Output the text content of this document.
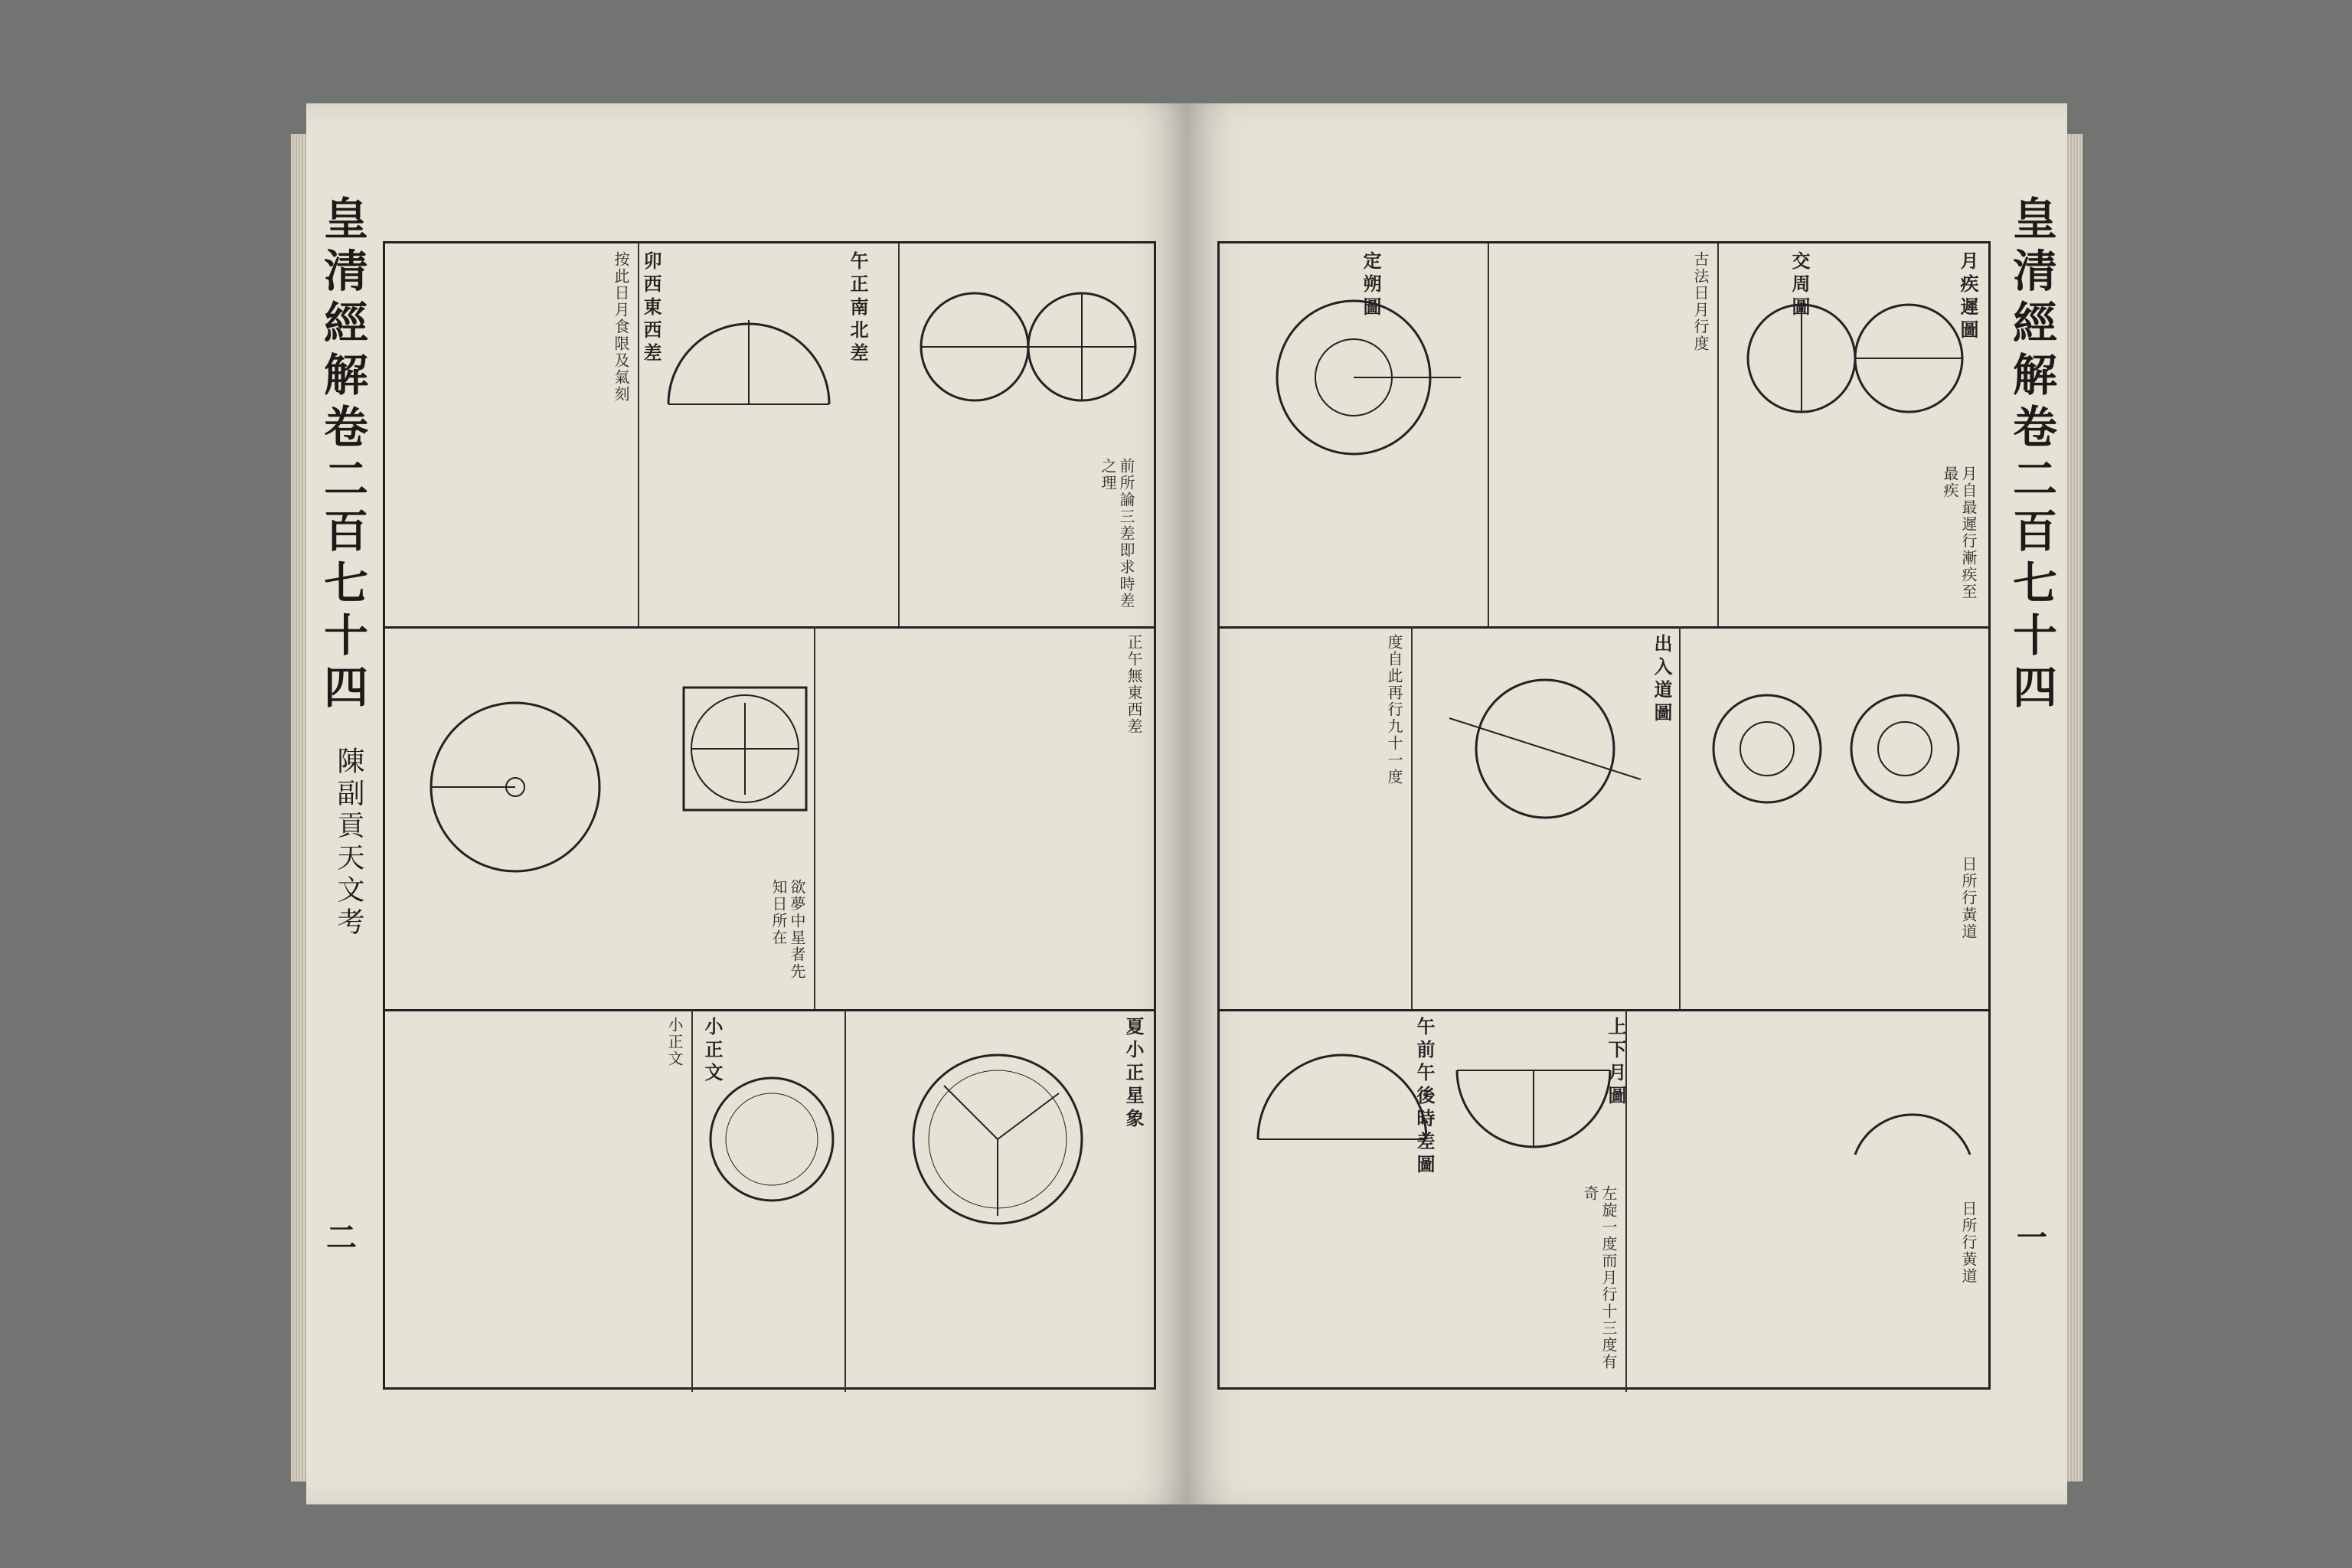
皇清經解卷二百七十四
陳副貢天文考
二
按此日月食限及氣刻	午正南北差
卯西東西差
前所論三差即求時差之理
正午無東西差
欲夢中星者先知日所在
小正文 小正文	夏小正星象
皇清經解卷二百七十四
一
定朔圖	古法日月行度	交周圖	月疾遲圖
月自最遲行漸疾至最疾
度自此再行九十一度	出入道圖
日所行黃道
午前午後時差圖	上下月圖
左旋一度而月行十三度有奇
日所行黃道
